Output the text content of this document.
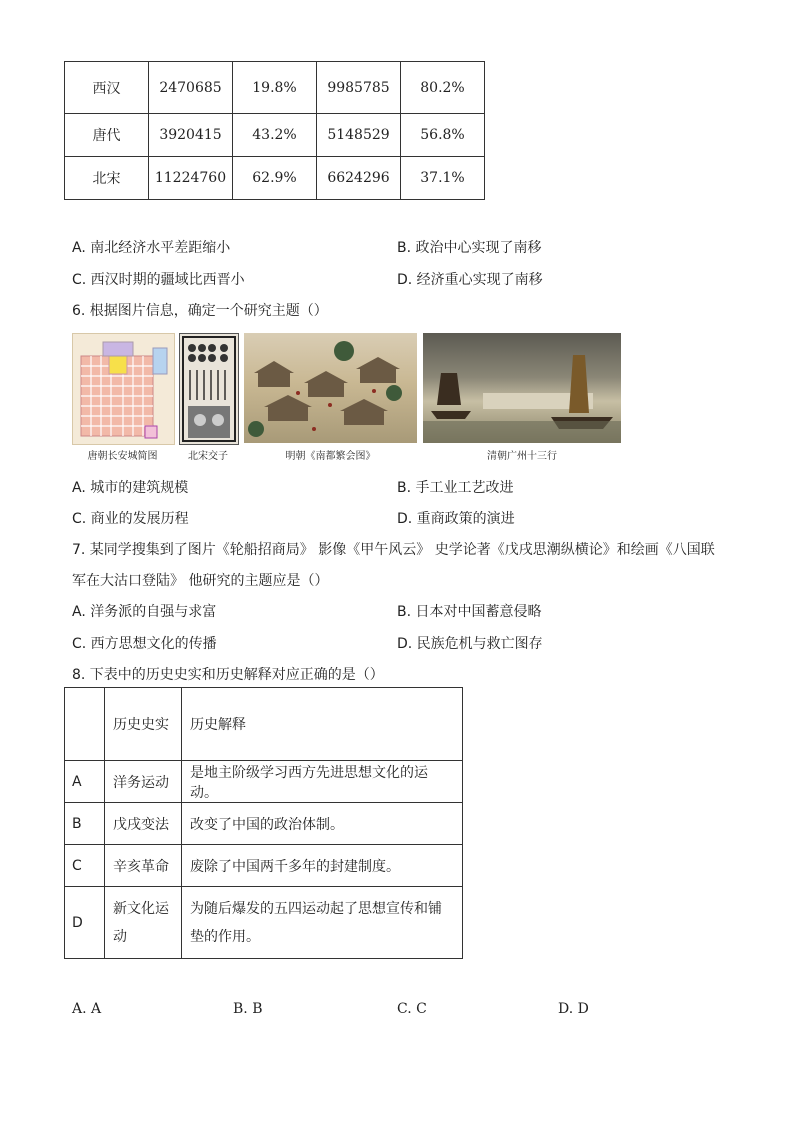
西汉	2470685	19.8%	9985785	80.2%
唐代	3920415	43.2%	5148529	56.8%
北宋	11224760	62.9%	6624296	37.1%
A. 南北经济水平差距缩小	B. 政治中心实现了南移
C. 西汉时期的疆域比西晋小	D. 经济重心实现了南移
6. 根据图片信息，确定一个研究主题（）
唐朝长安城简图	北宋交子	明朝《南都繁会图》	清朝广州十三行
A. 城市的建筑规模	B. 手工业工艺改进
C. 商业的发展历程	D. 重商政策的演进
7. 某同学搜集到了图片《轮船招商局》 影像《甲午风云》 史学论著《戊戌思潮纵横论》和绘画《八国联
军在大沽口登陆》 他研究的主题应是（）
A. 洋务派的自强与求富	B. 日本对中国蓄意侵略
C. 西方思想文化的传播	D. 民族危机与救亡图存
8. 下表中的历史史实和历史解释对应正确的是（）
	历史史实	历史解释
A	洋务运动	是地主阶级学习西方先进思想文化的运动。
B	戊戌变法	改变了中国的政治体制。
C	辛亥革命	废除了中国两千多年的封建制度。
D	新文化运动	为随后爆发的五四运动起了思想宣传和铺垫的作用。
A. A	B. B	C. C	D. D
